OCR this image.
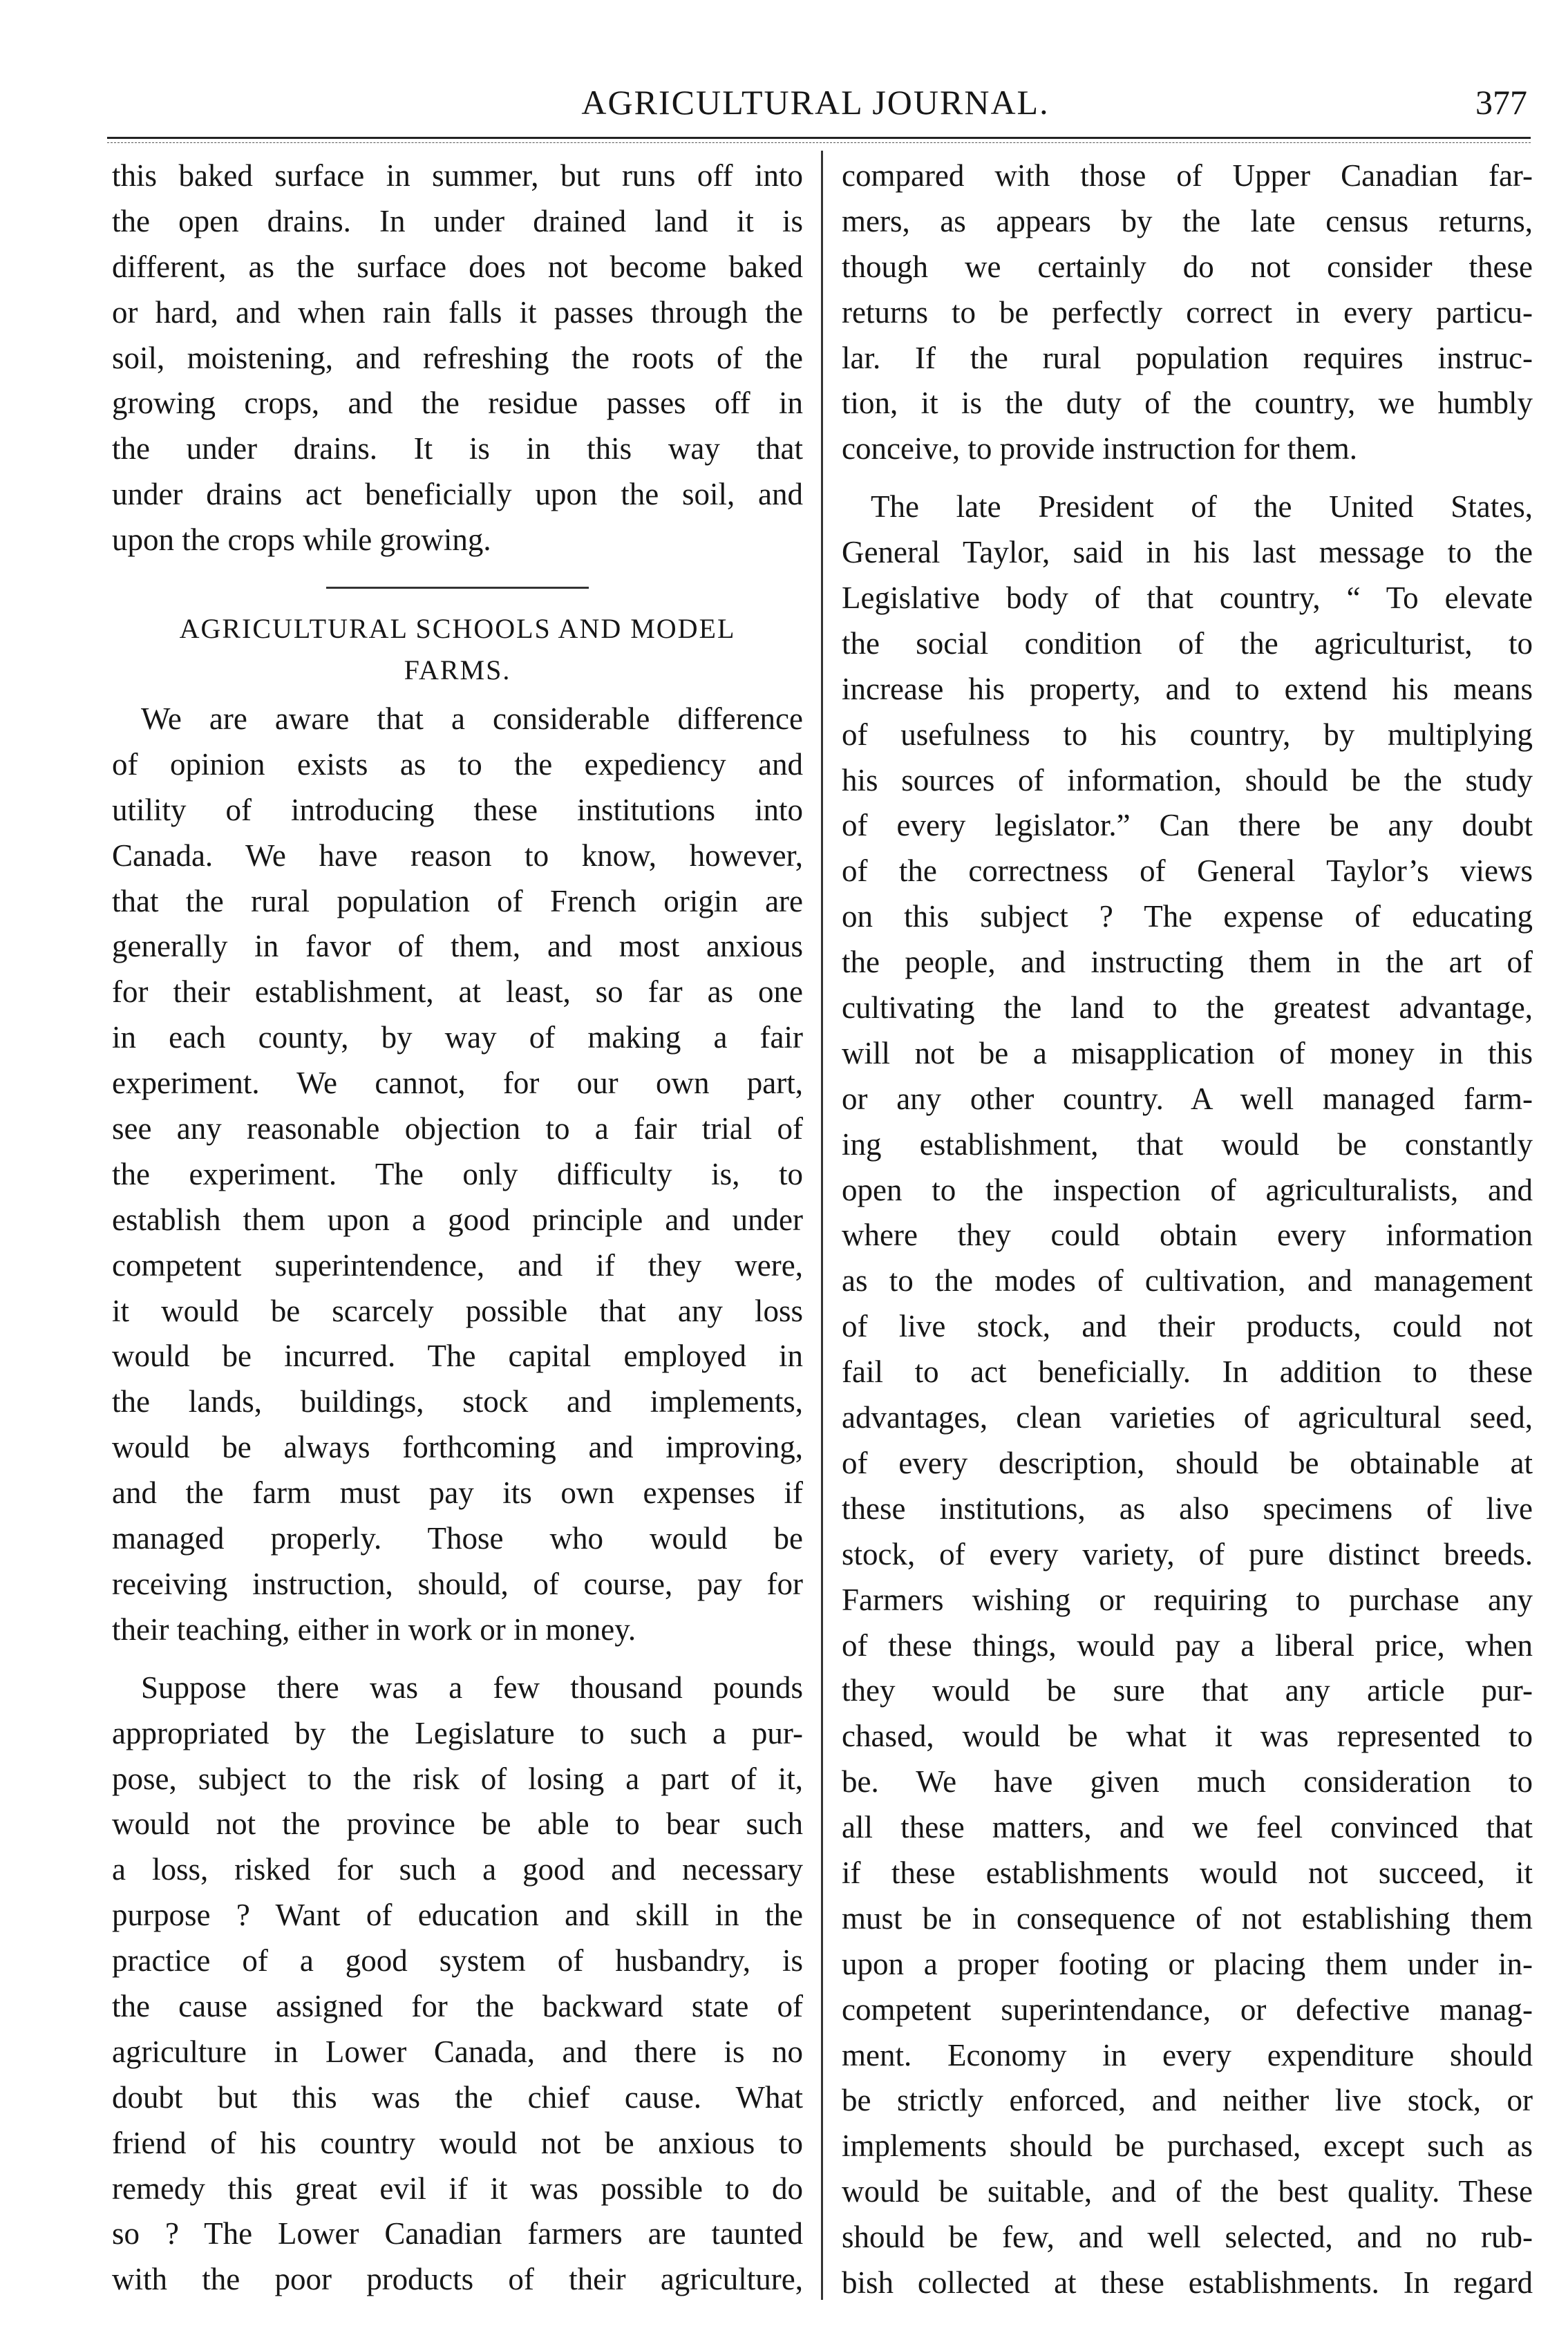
AGRICULTURAL JOURNAL.	377
this baked surface in summer, but runs off into
the open drains. In under drained land it is
different, as the surface does not become baked
or hard, and when rain falls it passes through the
soil, moistening, and refreshing the roots of the
growing crops, and the residue passes off in
the under drains. It is in this way that
under drains act beneficially upon the soil, and
upon the crops while growing.
AGRICULTURAL SCHOOLS AND MODEL
FARMS.
We are aware that a considerable difference
of opinion exists as to the expediency and
utility of introducing these institutions into
Canada. We have reason to know, however,
that the rural population of French origin are
generally in favor of them, and most anxious
for their establishment, at least, so far as one
in each county, by way of making a fair
experiment. We cannot, for our own part,
see any reasonable objection to a fair trial of
the experiment. The only difficulty is, to
establish them upon a good principle and under
competent superintendence, and if they were,
it would be scarcely possible that any loss
would be incurred. The capital employed in
the lands, buildings, stock and implements,
would be always forthcoming and improving,
and the farm must pay its own expenses if
managed properly. Those who would be
receiving instruction, should, of course, pay for
their teaching, either in work or in money.
Suppose there was a few thousand pounds
appropriated by the Legislature to such a pur-
pose, subject to the risk of losing a part of it,
would not the province be able to bear such
a loss, risked for such a good and necessary
purpose ? Want of education and skill in the
practice of a good system of husbandry, is
the cause assigned for the backward state of
agriculture in Lower Canada, and there is no
doubt but this was the chief cause. What
friend of his country would not be anxious to
remedy this great evil if it was possible to do
so ? The Lower Canadian farmers are taunted
with the poor products of their agriculture,
compared with those of Upper Canadian far-
mers, as appears by the late census returns,
though we certainly do not consider these
returns to be perfectly correct in every particu-
lar. If the rural population requires instruc-
tion, it is the duty of the country, we humbly
conceive, to provide instruction for them.
The late President of the United States,
General Taylor, said in his last message to the
Legislative body of that country, “ To elevate
the social condition of the agriculturist, to
increase his property, and to extend his means
of usefulness to his country, by multiplying
his sources of information, should be the study
of every legislator.” Can there be any doubt
of the correctness of General Taylor’s views
on this subject ? The expense of educating
the people, and instructing them in the art of
cultivating the land to the greatest advantage,
will not be a misapplication of money in this
or any other country. A well managed farm-
ing establishment, that would be constantly
open to the inspection of agriculturalists, and
where they could obtain every information
as to the modes of cultivation, and management
of live stock, and their products, could not
fail to act beneficially. In addition to these
advantages, clean varieties of agricultural seed,
of every description, should be obtainable at
these institutions, as also specimens of live
stock, of every variety, of pure distinct breeds.
Farmers wishing or requiring to purchase any
of these things, would pay a liberal price, when
they would be sure that any article pur-
chased, would be what it was represented to
be. We have given much consideration to
all these matters, and we feel convinced that
if these establishments would not succeed, it
must be in consequence of not establishing them
upon a proper footing or placing them under in-
competent superintendance, or defective manag-
ment. Economy in every expenditure should
be strictly enforced, and neither live stock, or
implements should be purchased, except such as
would be suitable, and of the best quality. These
should be few, and well selected, and no rub-
bish collected at these establishments. In regard
